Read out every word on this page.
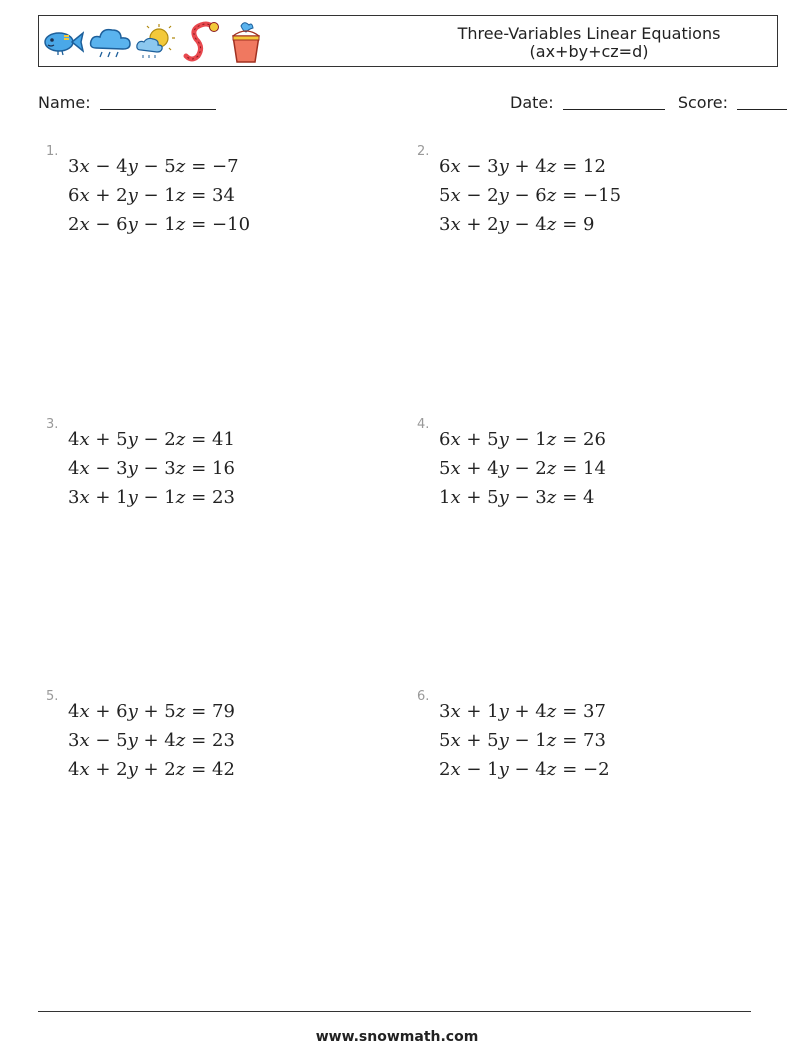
Three-Variables Linear Equations
(ax+by+cz=d)
Name:	Date:	Score:
1.
3x − 4y − 5z	= −7
6x + 2y − 1z	= 34
2x − 6y − 1z	= −10
2.
6x − 3y + 4z	= 12
5x − 2y − 6z	= −15
3x + 2y − 4z	= 9
3.
4x + 5y − 2z	= 41
4x − 3y − 3z	= 16
3x + 1y − 1z	= 23
4.
6x + 5y − 1z	= 26
5x + 4y − 2z	= 14
1x + 5y − 3z	= 4
5.
4x + 6y + 5z	= 79
3x − 5y + 4z	= 23
4x + 2y + 2z	= 42
6.
3x + 1y + 4z	= 37
5x + 5y − 1z	= 73
2x − 1y − 4z	= −2
www.snowmath.com
